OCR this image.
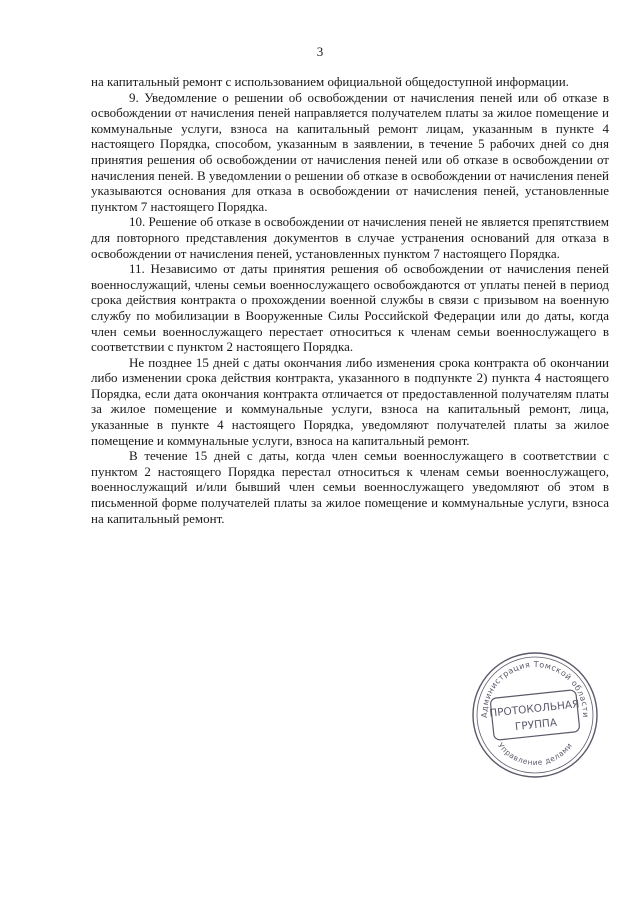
3

на капитальный ремонт с использованием официальной общедоступной информации.

9. Уведомление о решении об освобождении от начисления пеней или об отказе в освобождении от начисления пеней направляется получателем платы за жилое помещение и коммунальные услуги, взноса на капитальный ремонт лицам, указанным в пункте 4 настоящего Порядка, способом, указанным в заявлении, в течение 5 рабочих дней со дня принятия решения об освобождении от начисления пеней или об отказе в освобождении от начисления пеней. В уведомлении о решении об отказе в освобождении от начисления пеней указываются основания для отказа в освобождении от начисления пеней, установленные пунктом 7 настоящего Порядка.

10. Решение об отказе в освобождении от начисления пеней не является препятствием для повторного представления документов в случае устранения оснований для отказа в освобождении от начисления пеней, установленных пунктом 7 настоящего Порядка.

11. Независимо от даты принятия решения об освобождении от начисления пеней военнослужащий, члены семьи военнослужащего освобождаются от уплаты пеней в период срока действия контракта о прохождении военной службы в связи с призывом на военную службу по мобилизации в Вооруженные Силы Российской Федерации или до даты, когда член семьи военнослужащего перестает относиться к членам семьи военнослужащего в соответствии с пунктом 2 настоящего Порядка.

Не позднее 15 дней с даты окончания либо изменения срока контракта об окончании либо изменении срока действия контракта, указанного в подпункте 2) пункта 4 настоящего Порядка, если дата окончания контракта отличается от предоставленной получателям платы за жилое помещение и коммунальные услуги, взноса на капитальный ремонт, лица, указанные в пункте 4 настоящего Порядка, уведомляют получателей платы за жилое помещение и коммунальные услуги, взноса на капитальный ремонт.

В течение 15 дней с даты, когда член семьи военнослужащего в соответствии с пунктом 2 настоящего Порядка перестал относиться к членам семьи военнослужащего, военнослужащий и/или бывший член семьи военнослужащего уведомляют об этом в письменной форме получателей платы за жилое помещение и коммунальные услуги, взноса на капитальный ремонт.

Администрация Томской области
Управление делами
ПРОТОКОЛЬНАЯ
ГРУППА
